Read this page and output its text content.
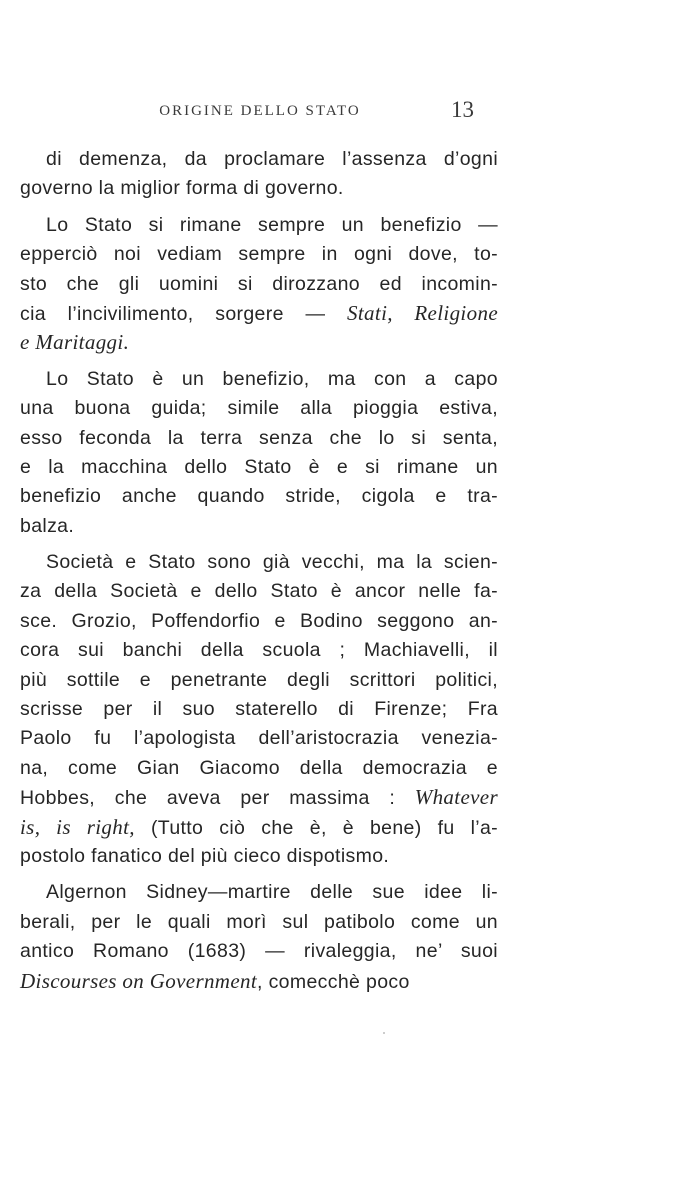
ORIGINE DELLO STATO	13
di demenza, da proclamare l’assenza d’ogni
governo la miglior forma di governo.
Lo Stato si rimane sempre un benefizio —
epperciò noi vediam sempre in ogni dove, to-
sto che gli uomini si dirozzano ed incomin-
cia l’incivilimento, sorgere — Stati, Religione
e Maritaggi.
Lo Stato è un benefizio, ma con a capo
una buona guida; simile alla pioggia estiva,
esso feconda la terra senza che lo si senta,
e la macchina dello Stato è e si rimane un
benefizio anche quando stride, cigola e tra-
balza.
Società e Stato sono già vecchi, ma la scien-
za della Società e dello Stato è ancor nelle fa-
sce. Grozio, Poffendorfio e Bodino seggono an-
cora sui banchi della scuola ; Machiavelli, il
più sottile e penetrante degli scrittori politici,
scrisse per il suo staterello di Firenze; Fra
Paolo fu l’apologista dell’aristocrazia venezia-
na, come Gian Giacomo della democrazia e
Hobbes, che aveva per massima : Whatever
is, is right, (Tutto ciò che è, è bene) fu l’a-
postolo fanatico del più cieco dispotismo.
Algernon Sidney—martire delle sue idee li-
berali, per le quali morì sul patibolo come un
antico Romano (1683) — rivaleggia, ne’ suoi
Discourses on Government, comecchè poco
